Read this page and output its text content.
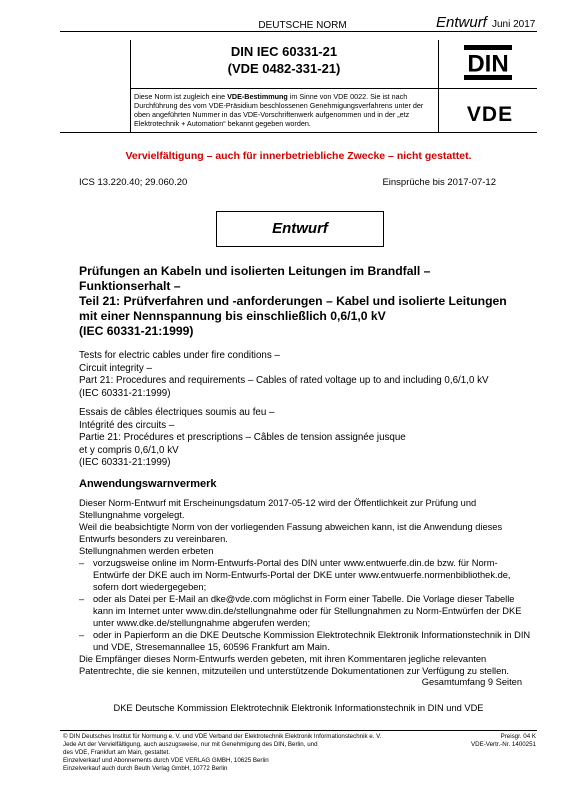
DEUTSCHE NORM	Entwurf Juni 2017
DIN IEC 60331-21
(VDE 0482-331-21)	DIN
VDE
Diese Norm ist zugleich eine VDE-Bestimmung im Sinne von VDE 0022. Sie ist nach Durchführung des vom VDE-Präsidium beschlossenen Genehmigungsverfahrens unter der oben angeführten Nummer in das VDE-Vorschriftenwerk aufgenommen und in der „etz Elektrotechnik + Automation“ bekannt gegeben worden.
Vervielfältigung – auch für innerbetriebliche Zwecke – nicht gestattet.
ICS 13.220.40; 29.060.20	Einsprüche bis 2017-07-12
Entwurf
Prüfungen an Kabeln und isolierten Leitungen im Brandfall –
Funktionserhalt –
Teil 21: Prüfverfahren und -anforderungen – Kabel und isolierte Leitungen
mit einer Nennspannung bis einschließlich 0,6/1,0 kV
(IEC 60331-21:1999)
Tests for electric cables under fire conditions –
Circuit integrity –
Part 21: Procedures and requirements – Cables of rated voltage up to and including 0,6/1,0 kV
(IEC 60331-21:1999)
Essais de câbles électriques soumis au feu –
Intégrité des circuits –
Partie 21: Procédures et prescriptions – Câbles de tension assignée jusque
et y compris 0,6/1,0 kV
(IEC 60331-21:1999)
Anwendungswarnvermerk

Dieser Norm-Entwurf mit Erscheinungsdatum 2017-05-12 wird der Öffentlichkeit zur Prüfung und Stellungnahme vorgelegt.

Weil die beabsichtigte Norm von der vorliegenden Fassung abweichen kann, ist die Anwendung dieses Entwurfs besonders zu vereinbaren.

Stellungnahmen werden erbeten

– vorzugsweise online im Norm-Entwurfs-Portal des DIN unter www.entwuerfe.din.de bzw. für Norm-Entwürfe der DKE auch im Norm-Entwurfs-Portal der DKE unter www.entwuerfe.normenbibliothek.de, sofern dort wiedergegeben;
– oder als Datei per E-Mail an dke@vde.com möglichst in Form einer Tabelle. Die Vorlage dieser Tabelle kann im Internet unter www.din.de/stellungnahme oder für Stellungnahmen zu Norm-Entwürfen der DKE unter www.dke.de/stellungnahme abgerufen werden;
– oder in Papierform an die DKE Deutsche Kommission Elektrotechnik Elektronik Informationstechnik in DIN und VDE, Stresemannallee 15, 60596 Frankfurt am Main.

Die Empfänger dieses Norm-Entwurfs werden gebeten, mit ihren Kommentaren jegliche relevanten Patentrechte, die sie kennen, mitzuteilen und unterstützende Dokumentationen zur Verfügung zu stellen.

Gesamtumfang 9 Seiten
DKE Deutsche Kommission Elektrotechnik Elektronik Informationstechnik in DIN und VDE
© DIN Deutsches Institut für Normung e. V. und VDE Verband der Elektrotechnik Elektronik Informationstechnik e. V.
Jede Art der Vervielfältigung, auch auszugsweise, nur mit Genehmigung des DIN, Berlin, und
des VDE, Frankfurt am Main, gestattet.
Einzelverkauf und Abonnements durch VDE VERLAG GMBH, 10625 Berlin
Einzelverkauf auch durch Beuth Verlag GmbH, 10772 Berlin
Preisgr. 04 K
VDE-Vertr.-Nr. 1400251
